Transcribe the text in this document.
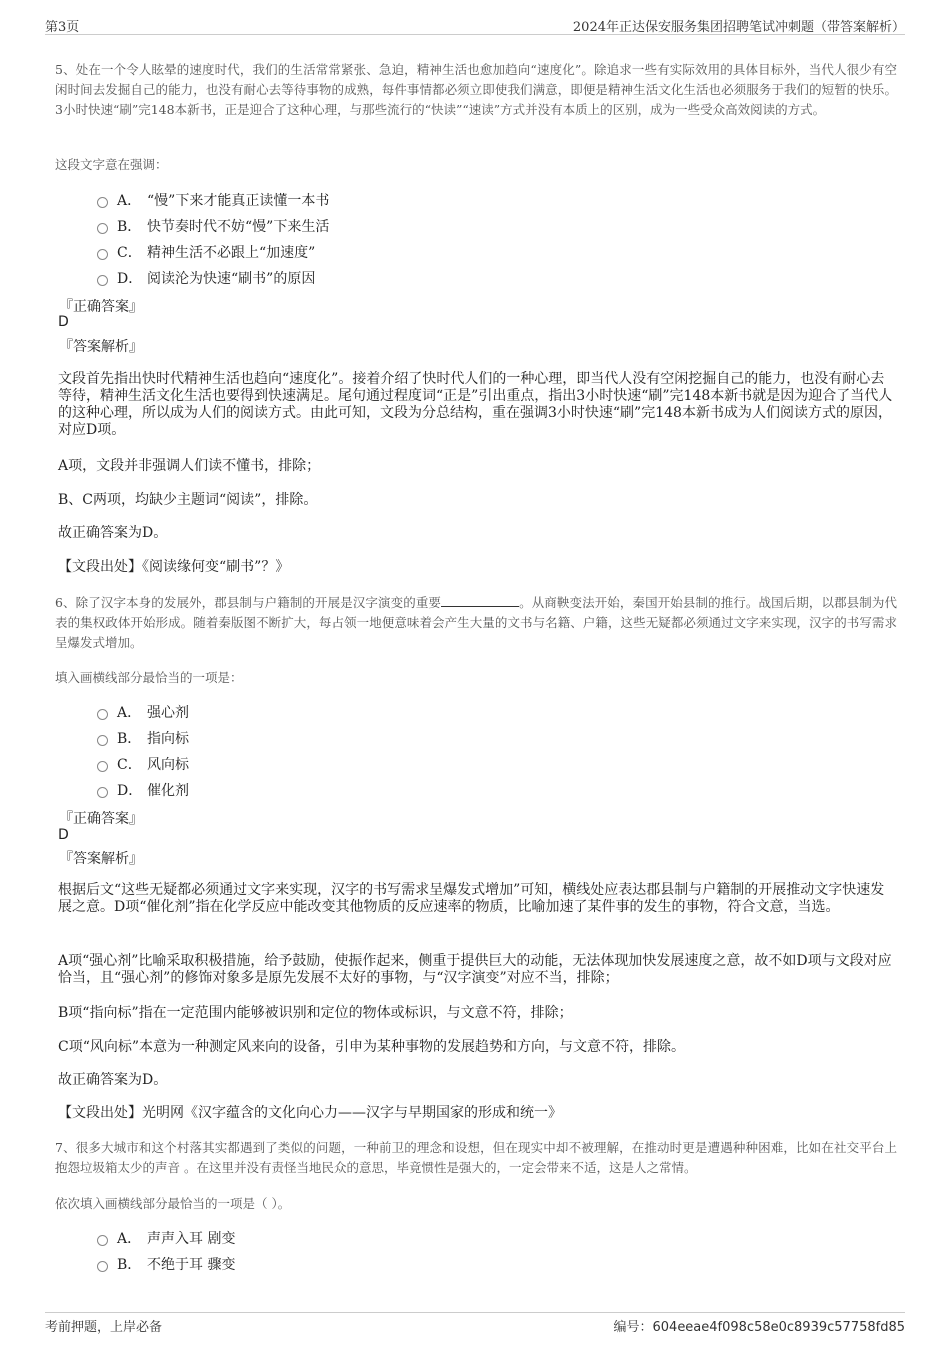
第3页	2024年正达保安服务集团招聘笔试冲刺题（带答案解析）
5、处在一个令人眩晕的速度时代，我们的生活常常紧张、急迫，精神生活也愈加趋向“速度化”。除追求一些有实际效用的具体目标外，当代人很少有空闲时间去发掘自己的能力，也没有耐心去等待事物的成熟，每件事情都必须立即使我们满意，即便是精神生活文化生活也必须服务于我们的短暂的快乐。3小时快速“刷”完148本新书，正是迎合了这种心理，与那些流行的“快读”“速读”方式并没有本质上的区别，成为一些受众高效阅读的方式。
这段文字意在强调：
A． “慢”下来才能真正读懂一本书
B． 快节奏时代不妨“慢”下来生活
C． 精神生活不必跟上“加速度”
D． 阅读沦为快速“刷书”的原因
『正确答案』
D
『答案解析』
文段首先指出快时代精神生活也趋向“速度化”。接着介绍了快时代人们的一种心理，即当代人没有空闲挖掘自己的能力，也没有耐心去等待，精神生活文化生活也要得到快速满足。尾句通过程度词“正是”引出重点，指出3小时快速“刷”完148本新书就是因为迎合了当代人的这种心理，所以成为人们的阅读方式。由此可知，文段为分总结构，重在强调3小时快速“刷”完148本新书成为人们阅读方式的原因，对应D项。
A项，文段并非强调人们读不懂书，排除；
B、C两项，均缺少主题词“阅读”，排除。
故正确答案为D。
【文段出处】《阅读缘何变“刷书”？》
6、除了汉字本身的发展外，郡县制与户籍制的开展是汉字演变的重要	。从商鞅变法开始，秦国开始县制的推行。战国后期，以郡县制为代表的集权政体开始形成。随着秦版图不断扩大，每占领一地便意味着会产生大量的文书与名籍、户籍，这些无疑都必须通过文字来实现，汉字的书写需求呈爆发式增加。
填入画横线部分最恰当的一项是：
A． 强心剂
B． 指向标
C． 风向标
D． 催化剂
『正确答案』
D
『答案解析』
根据后文“这些无疑都必须通过文字来实现，汉字的书写需求呈爆发式增加”可知，横线处应表达郡县制与户籍制的开展推动文字快速发展之意。D项“催化剂”指在化学反应中能改变其他物质的反应速率的物质，比喻加速了某件事的发生的事物，符合文意，当选。
A项“强心剂”比喻采取积极措施，给予鼓励，使振作起来，侧重于提供巨大的动能，无法体现加快发展速度之意，故不如D项与文段对应恰当，且“强心剂”的修饰对象多是原先发展不太好的事物，与“汉字演变”对应不当，排除；
B项“指向标”指在一定范围内能够被识别和定位的物体或标识，与文意不符，排除；
C项“风向标”本意为一种测定风来向的设备，引申为某种事物的发展趋势和方向，与文意不符，排除。
故正确答案为D。
【文段出处】光明网《汉字蕴含的文化向心力——汉字与早期国家的形成和统一》
7、很多大城市和这个村落其实都遇到了类似的问题，一种前卫的理念和设想，但在现实中却不被理解，在推动时更是遭遇种种困难，比如在社交平台上抱怨垃圾箱太少的声音 。在这里并没有责怪当地民众的意思，毕竟惯性是强大的，一定会带来不适，这是人之常情。
依次填入画横线部分最恰当的一项是（ ）。
A． 声声入耳 剧变
B． 不绝于耳 骤变
考前押题，上岸必备	编号：604eeae4f098c58e0c8939c57758fd85
